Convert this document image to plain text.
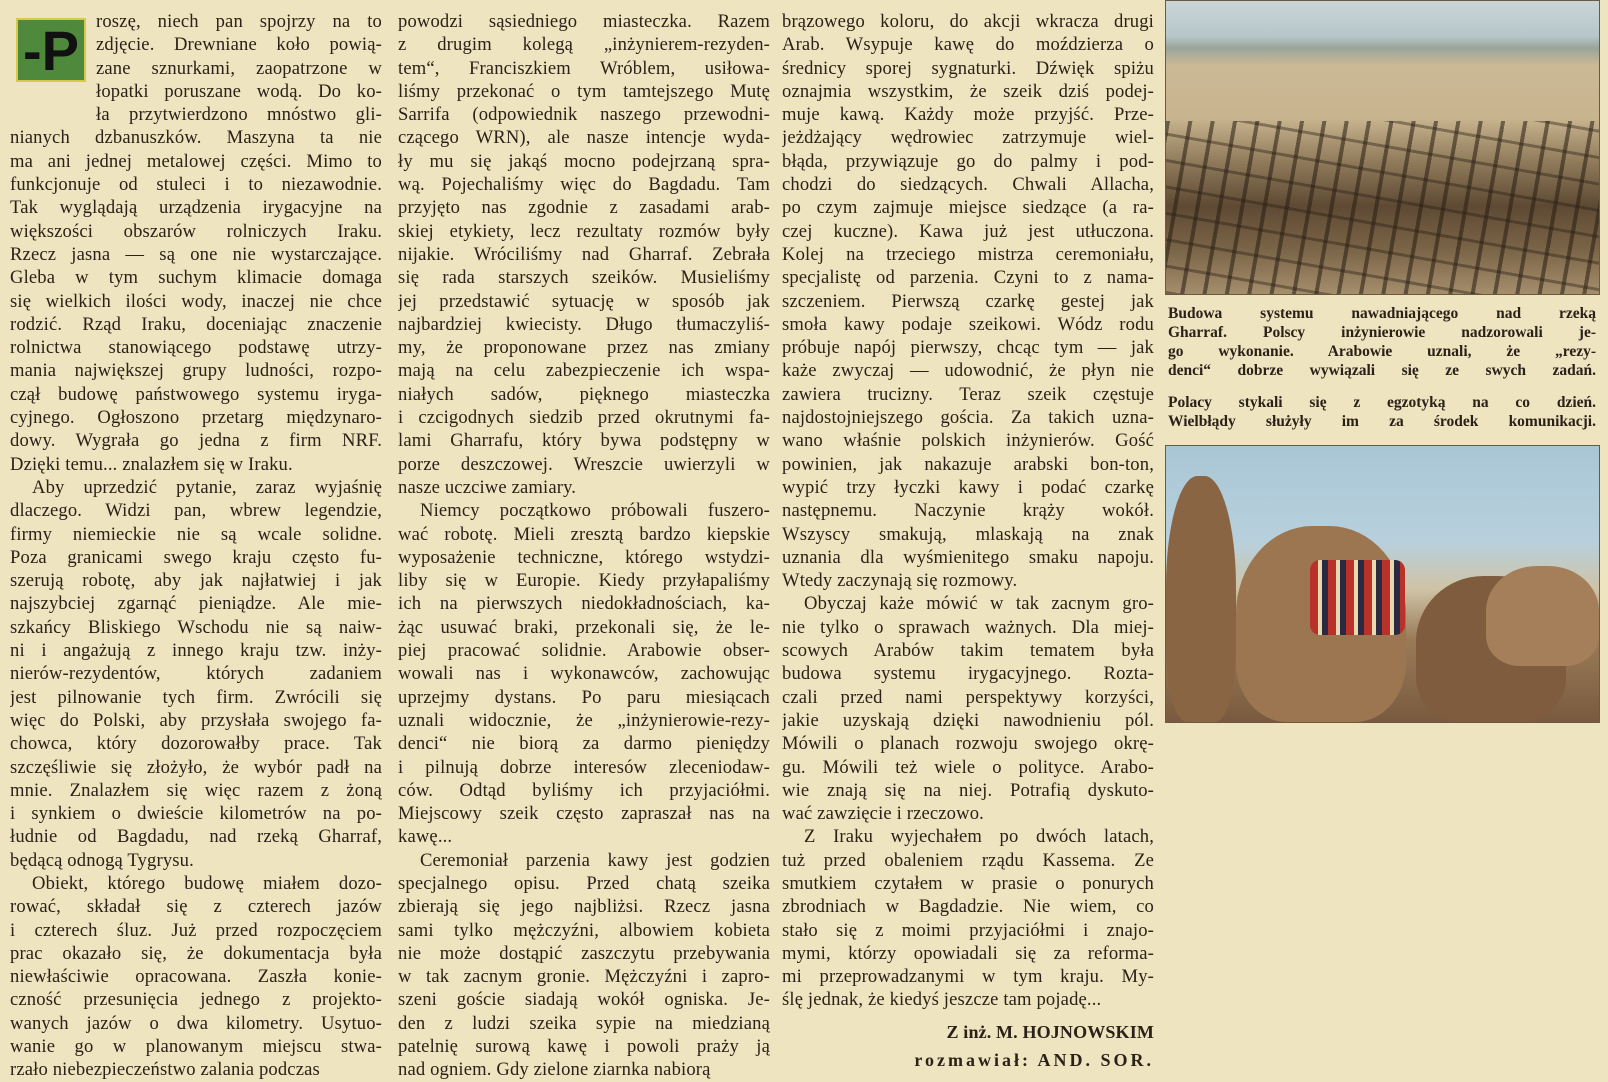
-P roszę, niech pan spojrzy na to
zdjęcie. Drewniane koło powią-
zane sznurkami, zaopatrzone w
łopatki poruszane wodą. Do ko-
ła przytwierdzono mnóstwo gli-
nianych dzbanuszków. Maszyna ta nie
ma ani jednej metalowej części. Mimo to
funkcjonuje od stuleci i to niezawodnie.
Tak wyglądają urządzenia irygacyjne na
większości obszarów rolniczych Iraku.
Rzecz jasna — są one nie wystarczające.
Gleba w tym suchym klimacie domaga
się wielkich ilości wody, inaczej nie chce
rodzić. Rząd Iraku, doceniając znaczenie
rolnictwa stanowiącego podstawę utrzy-
mania największej grupy ludności, rozpo-
czął budowę państwowego systemu iryga-
cyjnego. Ogłoszono przetarg międzynaro-
dowy. Wygrała go jedna z firm NRF.
Dzięki temu... znalazłem się w Iraku.
Aby uprzedzić pytanie, zaraz wyjaśnię
dlaczego. Widzi pan, wbrew legendzie,
firmy niemieckie nie są wcale solidne.
Poza granicami swego kraju często fu-
szerują robotę, aby jak najłatwiej i jak
najszybciej zgarnąć pieniądze. Ale mie-
szkańcy Bliskiego Wschodu nie są naiw-
ni i angażują z innego kraju tzw. inży-
nierów-rezydentów, których zadaniem
jest pilnowanie tych firm. Zwrócili się
więc do Polski, aby przysłała swojego fa-
chowca, który dozorowałby prace. Tak
szczęśliwie się złożyło, że wybór padł na
mnie. Znalazłem się więc razem z żoną
i synkiem o dwieście kilometrów na po-
łudnie od Bagdadu, nad rzeką Gharraf,
będącą odnogą Tygrysu.
Obiekt, którego budowę miałem dozo-
rować, składał się z czterech jazów
i czterech śluz. Już przed rozpoczęciem
prac okazało się, że dokumentacja była
niewłaściwie opracowana. Zaszła konie-
czność przesunięcia jednego z projekto-
wanych jazów o dwa kilometry. Usytuo-
wanie go w planowanym miejscu stwa-
rzało niebezpieczeństwo zalania podczas
powodzi sąsiedniego miasteczka. Razem
z drugim kolegą „inżynierem-rezyden-
tem“, Franciszkiem Wróblem, usiłowa-
liśmy przekonać o tym tamtejszego Mutę
Sarrifa (odpowiednik naszego przewodni-
czącego WRN), ale nasze intencje wyda-
ły mu się jakąś mocno podejrzaną spra-
wą. Pojechaliśmy więc do Bagdadu. Tam
przyjęto nas zgodnie z zasadami arab-
skiej etykiety, lecz rezultaty rozmów były
nijakie. Wróciliśmy nad Gharraf. Zebrała
się rada starszych szeików. Musieliśmy
jej przedstawić sytuację w sposób jak
najbardziej kwiecisty. Długo tłumaczyliś-
my, że proponowane przez nas zmiany
mają na celu zabezpieczenie ich wspa-
niałych sadów, pięknego miasteczka
i czcigodnych siedzib przed okrutnymi fa-
lami Gharrafu, który bywa podstępny w
porze deszczowej. Wreszcie uwierzyli w
nasze uczciwe zamiary.
Niemcy początkowo próbowali fuszero-
wać robotę. Mieli zresztą bardzo kiepskie
wyposażenie techniczne, którego wstydzi-
liby się w Europie. Kiedy przyłapaliśmy
ich na pierwszych niedokładnościach, ka-
żąc usuwać braki, przekonali się, że le-
piej pracować solidnie. Arabowie obser-
wowali nas i wykonawców, zachowując
uprzejmy dystans. Po paru miesiącach
uznali widocznie, że „inżynierowie-rezy-
denci“ nie biorą za darmo pieniędzy
i pilnują dobrze interesów zleceniodaw-
ców. Odtąd byliśmy ich przyjaciółmi.
Miejscowy szeik często zapraszał nas na
kawę...
Ceremoniał parzenia kawy jest godzien
specjalnego opisu. Przed chatą szeika
zbierają się jego najbliżsi. Rzecz jasna
sami tylko mężczyźni, albowiem kobieta
nie może dostąpić zaszczytu przebywania
w tak zacnym gronie. Mężczyźni i zapro-
szeni goście siadają wokół ogniska. Je-
den z ludzi szeika sypie na miedzianą
patelnię surową kawę i powoli praży ją
nad ogniem. Gdy zielone ziarnka nabiorą
brązowego koloru, do akcji wkracza drugi
Arab. Wsypuje kawę do moździerza o
średnicy sporej sygnaturki. Dźwięk spiżu
oznajmia wszystkim, że szeik dziś podej-
muje kawą. Każdy może przyjść. Prze-
jeżdżający wędrowiec zatrzymuje wiel-
błąda, przywiązuje go do palmy i pod-
chodzi do siedzących. Chwali Allacha,
po czym zajmuje miejsce siedzące (a ra-
czej kuczne). Kawa już jest utłuczona.
Kolej na trzeciego mistrza ceremoniału,
specjalistę od parzenia. Czyni to z nama-
szczeniem. Pierwszą czarkę gestej jak
smoła kawy podaje szeikowi. Wódz rodu
próbuje napój pierwszy, chcąc tym — jak
każe zwyczaj — udowodnić, że płyn nie
zawiera trucizny. Teraz szeik częstuje
najdostojniejszego gościa. Za takich uzna-
wano właśnie polskich inżynierów. Gość
powinien, jak nakazuje arabski bon-ton,
wypić trzy łyczki kawy i podać czarkę
następnemu. Naczynie krąży wokół.
Wszyscy smakują, mlaskają na znak
uznania dla wyśmienitego smaku napoju.
Wtedy zaczynają się rozmowy.
Obyczaj każe mówić w tak zacnym gro-
nie tylko o sprawach ważnych. Dla miej-
scowych Arabów takim tematem była
budowa systemu irygacyjnego. Rozta-
czali przed nami perspektywy korzyści,
jakie uzyskają dzięki nawodnieniu pól.
Mówili o planach rozwoju swojego okrę-
gu. Mówili też wiele o polityce. Arabo-
wie znają się na niej. Potrafią dyskuto-
wać zawzięcie i rzeczowo.
Z Iraku wyjechałem po dwóch latach,
tuż przed obaleniem rządu Kassema. Ze
smutkiem czytałem w prasie o ponurych
zbrodniach w Bagdadzie. Nie wiem, co
stało się z moimi przyjaciółmi i znajo-
mymi, którzy opowiadali się za reforma-
mi przeprowadzanymi w tym kraju. My-
ślę jednak, że kiedyś jeszcze tam pojadę...
Z inż. M. HOJNOWSKIM
rozmawiał: AND. SOR.
Budowa systemu nawadniającego nad rzeką
Gharraf. Polscy inżynierowie nadzorowali je-
go wykonanie. Arabowie uznali, że „rezy-
denci“ dobrze wywiązali się ze swych zadań.
Polacy stykali się z egzotyką na co dzień.
Wielbłądy służyły im za środek komunikacji.
